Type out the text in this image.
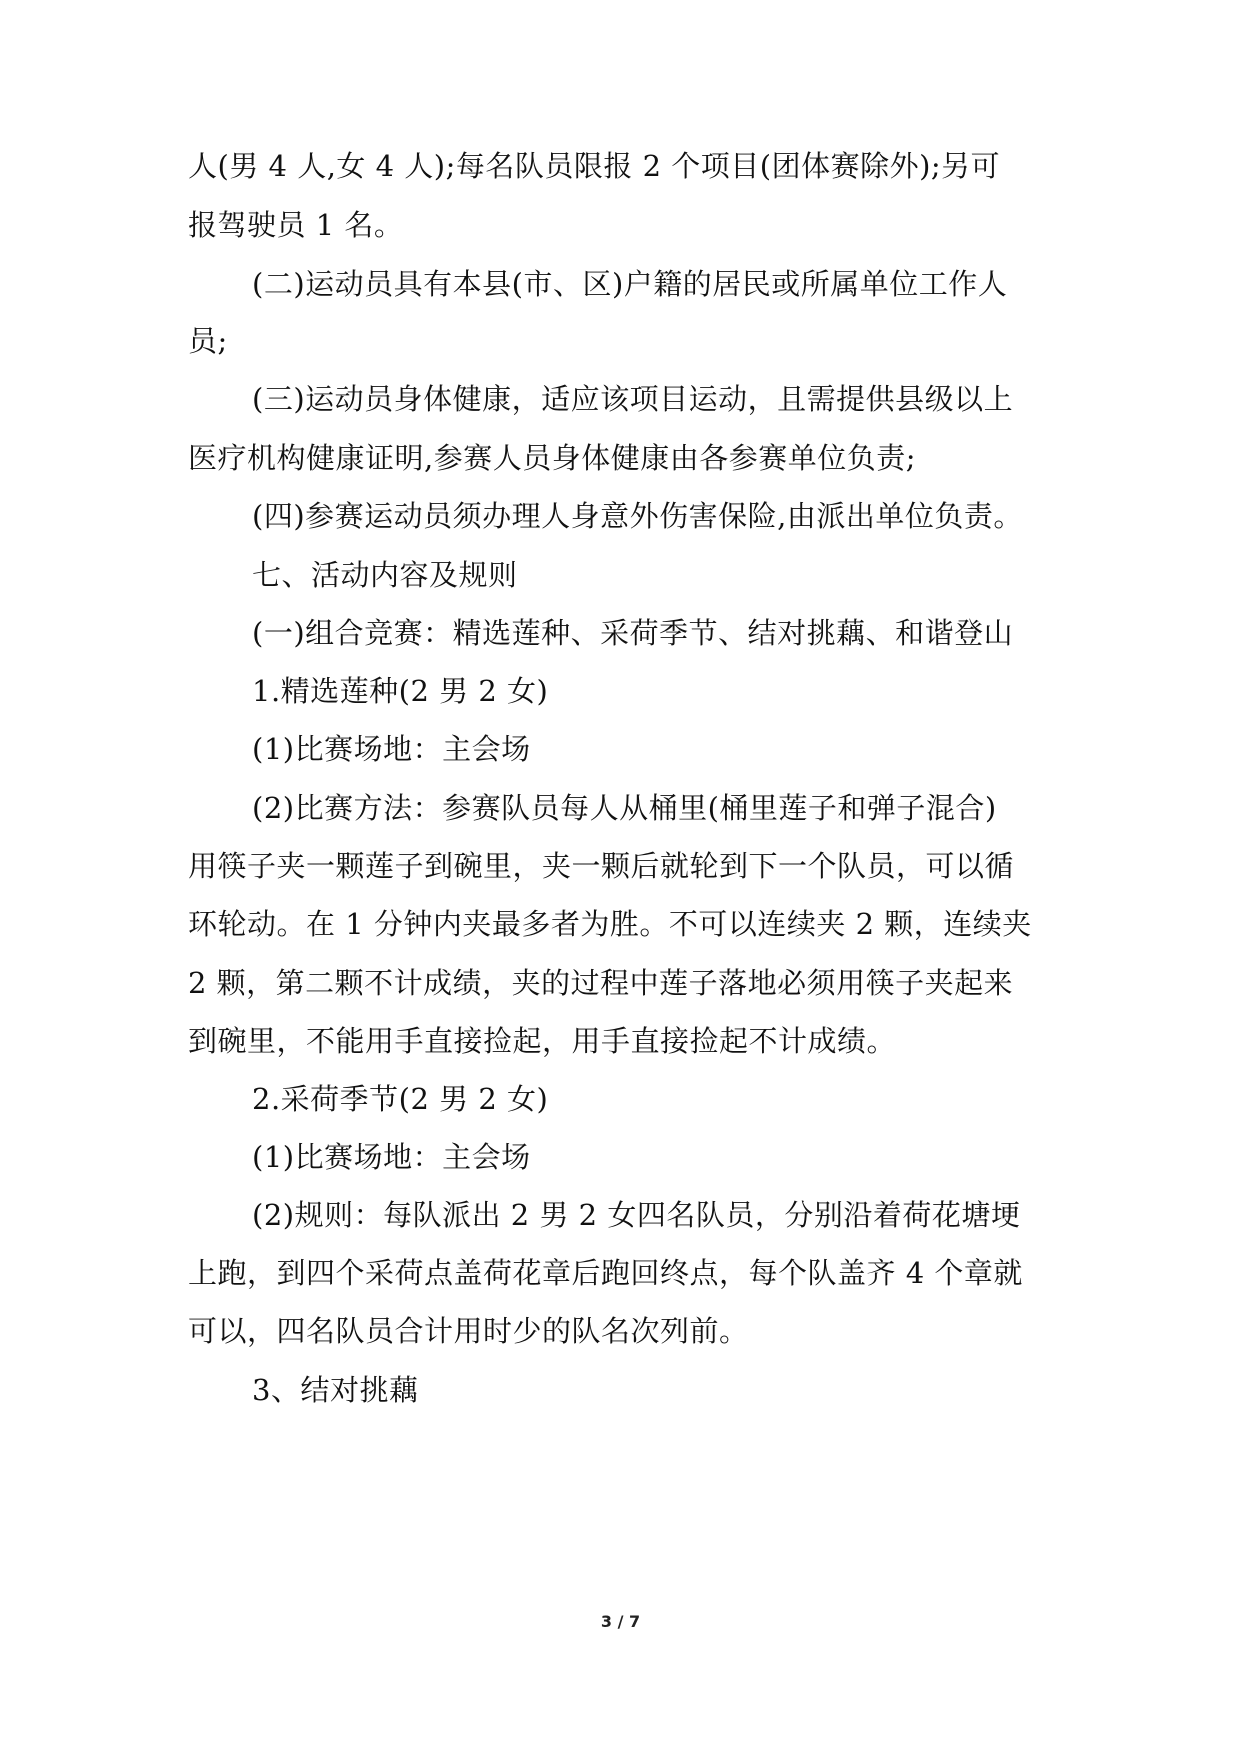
人(男 4 人,女 4 人);每名队员限报 2 个项目(团体赛除外);另可
报驾驶员 1 名。
(二)运动员具有本县(市、区)户籍的居民或所属单位工作人
员;
(三)运动员身体健康，适应该项目运动，且需提供县级以上
医疗机构健康证明,参赛人员身体健康由各参赛单位负责;
(四)参赛运动员须办理人身意外伤害保险,由派出单位负责。
七、活动内容及规则
(一)组合竞赛：精选莲种、采荷季节、结对挑藕、和谐登山
1.精选莲种(2 男 2 女)
(1)比赛场地：主会场
(2)比赛方法：参赛队员每人从桶里(桶里莲子和弹子混合)
用筷子夹一颗莲子到碗里，夹一颗后就轮到下一个队员，可以循
环轮动。在 1 分钟内夹最多者为胜。不可以连续夹 2 颗，连续夹
2 颗，第二颗不计成绩，夹的过程中莲子落地必须用筷子夹起来
到碗里，不能用手直接捡起，用手直接捡起不计成绩。
2.采荷季节(2 男 2 女)
(1)比赛场地：主会场
(2)规则：每队派出 2 男 2 女四名队员，分别沿着荷花塘埂
上跑，到四个采荷点盖荷花章后跑回终点，每个队盖齐 4 个章就
可以，四名队员合计用时少的队名次列前。
3、结对挑藕
3 / 7
